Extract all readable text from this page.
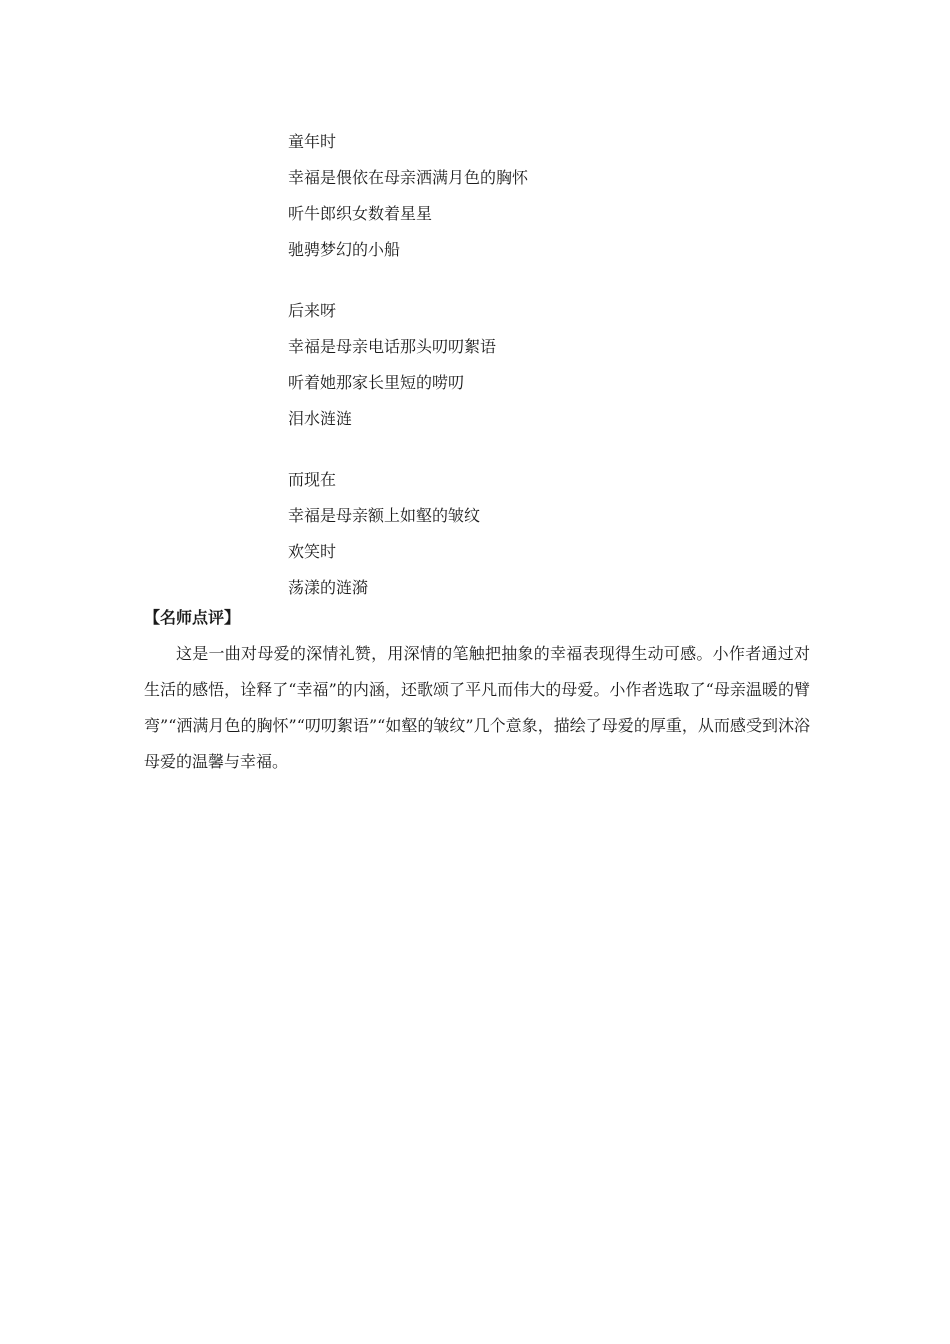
童年时
幸福是偎依在母亲洒满月色的胸怀
听牛郎织女数着星星
驰骋梦幻的小船
后来呀
幸福是母亲电话那头叨叨絮语
听着她那家长里短的唠叨
泪水涟涟
而现在
幸福是母亲额上如壑的皱纹
欢笑时
荡漾的涟漪
【名师点评】

这是一曲对母爱的深情礼赞，用深情的笔触把抽象的幸福表现得生动可感。小作者通过对生活的感悟，诠释了“幸福”的内涵，还歌颂了平凡而伟大的母爱。小作者选取了“母亲温暖的臂弯”“洒满月色的胸怀”“叨叨絮语”“如壑的皱纹”几个意象，描绘了母爱的厚重，从而感受到沐浴母爱的温馨与幸福。
